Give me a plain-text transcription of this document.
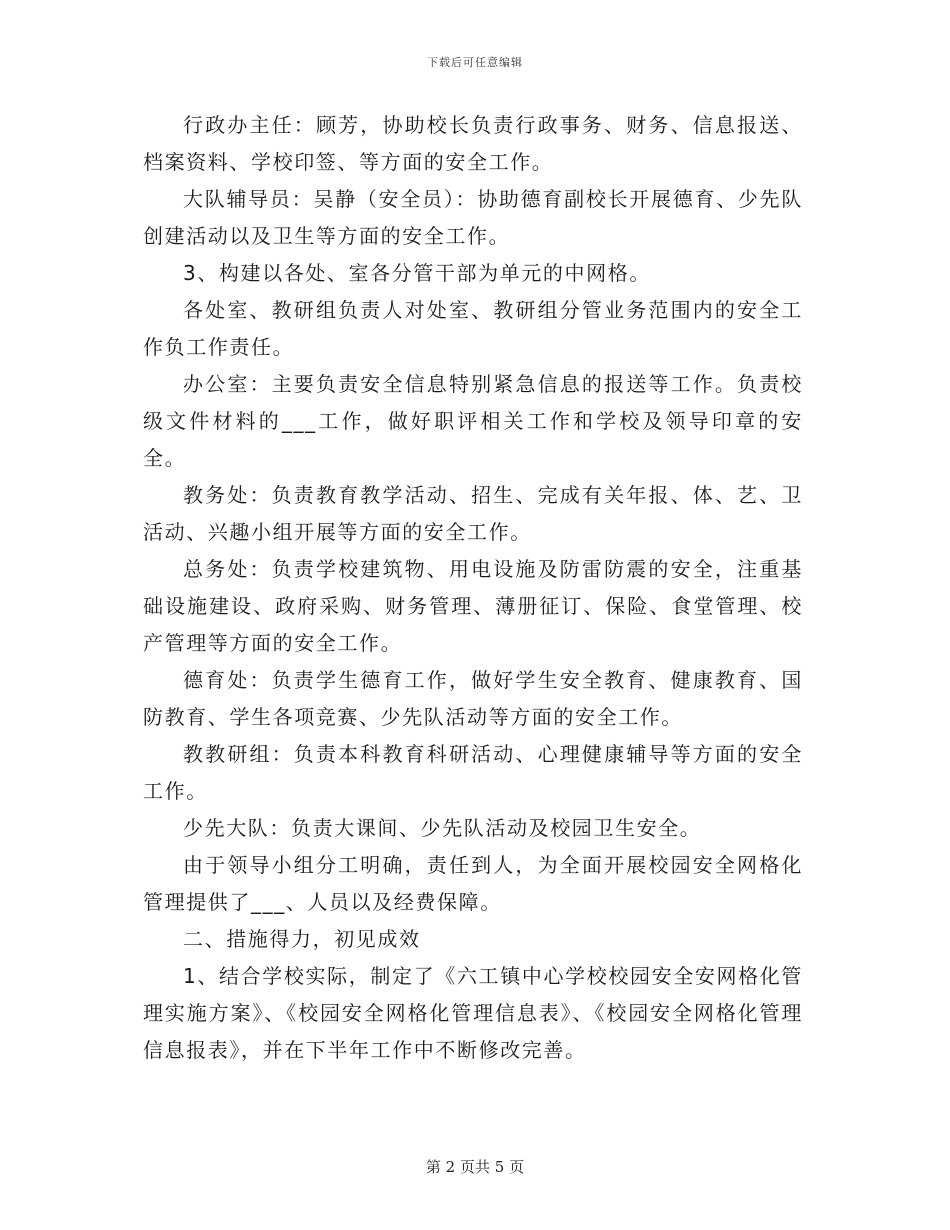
下载后可任意编辑

行政办主任：顾芳，协助校长负责行政事务、财务、信息报送、档案资料、学校印签、等方面的安全工作。

大队辅导员：吴静（安全员）：协助德育副校长开展德育、少先队创建活动以及卫生等方面的安全工作。

3、构建以各处、室各分管干部为单元的中网格。

各处室、教研组负责人对处室、教研组分管业务范围内的安全工作负工作责任。

办公室：主要负责安全信息特别紧急信息的报送等工作。负责校级文件材料的___工作，做好职评相关工作和学校及领导印章的安全。

教务处：负责教育教学活动、招生、完成有关年报、体、艺、卫活动、兴趣小组开展等方面的安全工作。

总务处：负责学校建筑物、用电设施及防雷防震的安全，注重基础设施建设、政府采购、财务管理、薄册征订、保险、食堂管理、校产管理等方面的安全工作。

德育处：负责学生德育工作，做好学生安全教育、健康教育、国防教育、学生各项竞赛、少先队活动等方面的安全工作。

教教研组：负责本科教育科研活动、心理健康辅导等方面的安全工作。

少先大队：负责大课间、少先队活动及校园卫生安全。

由于领导小组分工明确，责任到人，为全面开展校园安全网格化管理提供了___、人员以及经费保障。

二、措施得力，初见成效

1、结合学校实际，制定了《六工镇中心学校校园安全安网格化管理实施方案》、《校园安全网格化管理信息表》、《校园安全网格化管理信息报表》，并在下半年工作中不断修改完善。

第 2 页共 5 页
